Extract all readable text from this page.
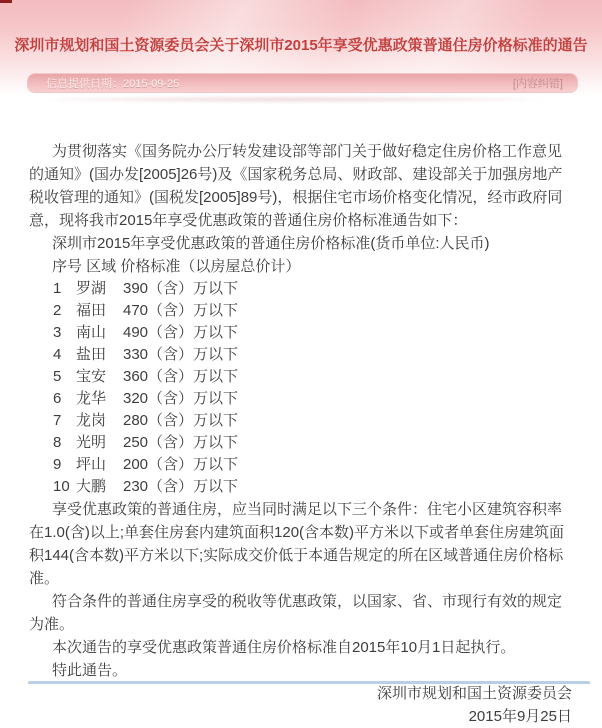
深圳市规划和国土资源委员会关于深圳市2015年享受优惠政策普通住房价格标准的通告
信息提供日期：2015-09-25	[内容纠错]

为贯彻落实《国务院办公厅转发建设部等部门关于做好稳定住房价格工作意见的通知》(国办发[2005]26号)及《国家税务总局、财政部、建设部关于加强房地产税收管理的通知》(国税发[2005]89号)，根据住宅市场价格变化情况，经市政府同意，现将我市2015年享受优惠政策的普通住房价格标准通告如下：

深圳市2015年享受优惠政策的普通住房价格标准(货币单位:人民币)

序号 区域 价格标准（以房屋总价计）

1 罗湖 390（含）万以下
2 福田 470（含）万以下
3 南山 490（含）万以下
4 盐田 330（含）万以下
5 宝安 360（含）万以下
6 龙华 320（含）万以下
7 龙岗 280（含）万以下
8 光明 250（含）万以下
9 坪山 200（含）万以下
10 大鹏 230（含）万以下

享受优惠政策的普通住房，应当同时满足以下三个条件：住宅小区建筑容积率在1.0(含)以上;单套住房套内建筑面积120(含本数)平方米以下或者单套住房建筑面积144(含本数)平方米以下;实际成交价低于本通告规定的所在区域普通住房价格标准。

符合条件的普通住房享受的税收等优惠政策，以国家、省、市现行有效的规定为准。

本次通告的享受优惠政策普通住房价格标准自2015年10月1日起执行。

特此通告。

深圳市规划和国土资源委员会

2015年9月25日
